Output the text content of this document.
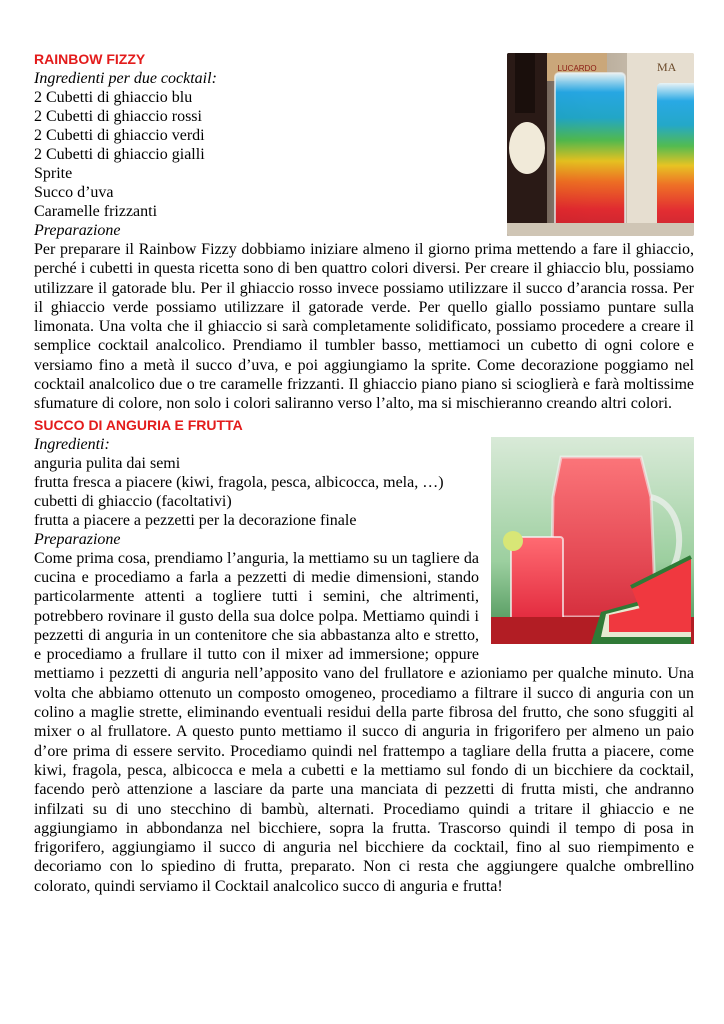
LUCARDO	MA
RAINBOW FIZZY
Ingredienti per due cocktail:
2 Cubetti di ghiaccio blu
2 Cubetti di ghiaccio rossi
2 Cubetti di ghiaccio verdi
2 Cubetti di ghiaccio gialli
Sprite
Succo d’uva
Caramelle frizzanti
Preparazione

Per preparare il Rainbow Fizzy dobbiamo iniziare almeno il giorno prima mettendo a fare il ghiaccio, perché i cubetti in questa ricetta sono di ben quattro colori diversi. Per creare il ghiaccio blu, possiamo utilizzare il gatorade blu. Per il ghiaccio rosso invece possiamo utilizzare il succo d’arancia rossa. Per il ghiaccio verde possiamo utilizzare il gatorade verde. Per quello giallo possiamo puntare sulla limonata. Una volta che il ghiaccio si sarà completamente solidificato, possiamo procedere a creare il semplice cocktail analcolico. Prendiamo il tumbler basso, mettiamoci un cubetto di ogni colore e versiamo fino a metà il succo d’uva, e poi aggiungiamo la sprite. Come decorazione poggiamo nel cocktail analcolico due o tre caramelle frizzanti. Il ghiaccio piano piano si scioglierà e farà moltissime sfumature di colore, non solo i colori saliranno verso l’alto, ma si mischieranno creando altri colori.

SUCCO DI ANGURIA E FRUTTA
Ingredienti:
anguria pulita dai semi
frutta fresca a piacere (kiwi, fragola, pesca, albicocca, mela, …)
cubetti di ghiaccio (facoltativi)
frutta a piacere a pezzetti per la decorazione finale
Preparazione

Come prima cosa, prendiamo l’anguria, la mettiamo su un tagliere da cucina e procediamo a farla a pezzetti di medie dimensioni, stando particolarmente attenti a togliere tutti i semini, che altrimenti, potrebbero rovinare il gusto della sua dolce polpa. Mettiamo quindi i pezzetti di anguria in un contenitore che sia abbastanza alto e stretto, e procediamo a frullare il tutto con il mixer ad immersione; oppure mettiamo i pezzetti di anguria nell’apposito vano del frullatore e azioniamo per qualche minuto. Una volta che abbiamo ottenuto un composto omogeneo, procediamo a filtrare il succo di anguria con un colino a maglie strette, eliminando eventuali residui della parte fibrosa del frutto, che sono sfuggiti al mixer o al frullatore. A questo punto mettiamo il succo di anguria in frigorifero per almeno un paio d’ore prima di essere servito. Procediamo quindi nel frattempo a tagliare della frutta a piacere, come kiwi, fragola, pesca, albicocca e mela a cubetti e la mettiamo sul fondo di un bicchiere da cocktail, facendo però attenzione a lasciare da parte una manciata di pezzetti di frutta misti, che andranno infilzati su di uno stecchino di bambù, alternati. Procediamo quindi a tritare il ghiaccio e ne aggiungiamo in abbondanza nel bicchiere, sopra la frutta. Trascorso quindi il tempo di posa in frigorifero, aggiungiamo il succo di anguria nel bicchiere da cocktail, fino al suo riempimento e decoriamo con lo spiedino di frutta, preparato. Non ci resta che aggiungere qualche ombrellino colorato, quindi serviamo il Cocktail analcolico succo di anguria e frutta!
